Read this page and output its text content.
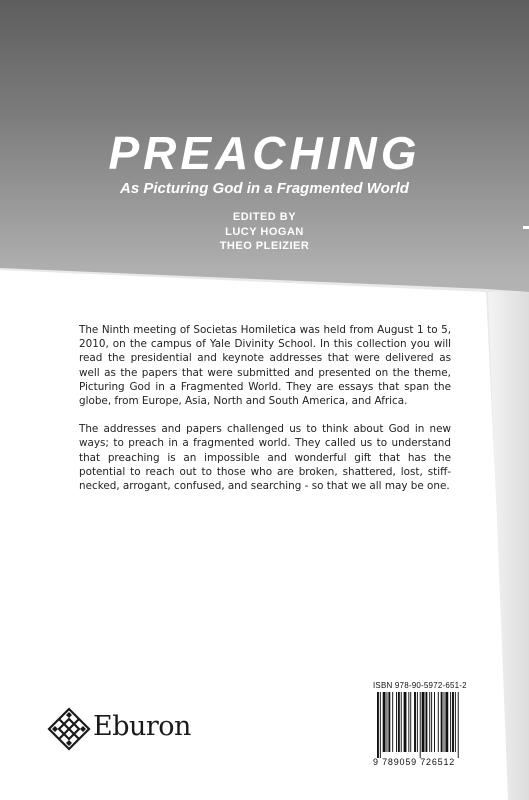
PREACHING
As Picturing God in a Fragmented World
EDITED BY
LUCY HOGAN
THEO PLEIZIER

The Ninth meeting of Societas Homiletica was held from August 1 to 5, 2010, on the campus of Yale Divinity School. In this collection you will read the presidential and keynote addresses that were delivered as well as the papers that were submitted and presented on the theme, Picturing God in a Fragmented World. They are essays that span the globe, from Europe, Asia, North and South America, and Africa.

The addresses and papers challenged us to think about God in new ways; to preach in a fragmented world. They called us to understand that preaching is an impossible and wonderful gift that has the potential to reach out to those who are broken, shattered, lost, stiff-necked, arrogant, confused, and searching - so that we all may be one.

Eburon
ISBN 978-90-5972-651-2
9 789059 726512
